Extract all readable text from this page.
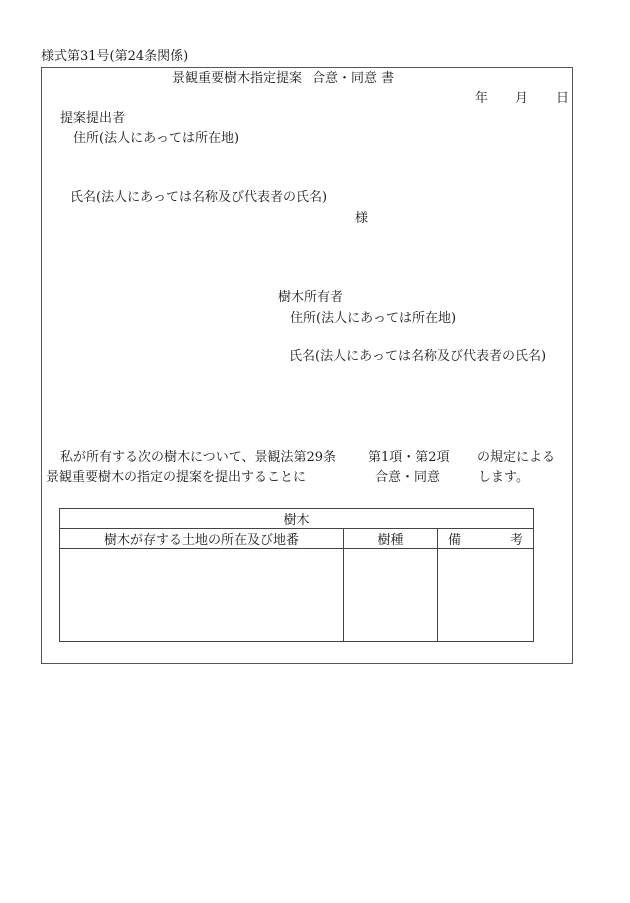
様式第31号(第24条関係)
景観重要樹木指定提案 合意・同意 書
年 月 日
提案提出者
住所(法人にあっては所在地)
氏名(法人にあっては名称及び代表者の氏名)
様
樹木所有者
住所(法人にあっては所在地)
氏名(法人にあっては名称及び代表者の氏名)
私が所有する次の樹木について、景観法第29条 第1項・第2項 の規定による
景観重要樹木の指定の提案を提出することに	合意・同意	します。
樹木		
樹木が存する土地の所在及び地番	樹種	備 考
